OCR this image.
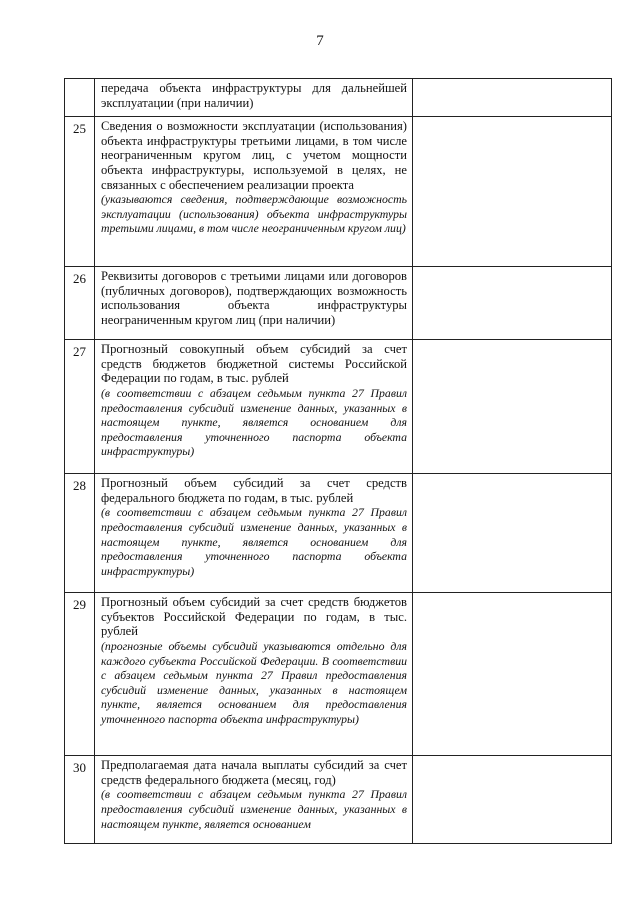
7

	передача объекта инфраструктуры для дальнейшей эксплуатации (при наличии)	

25	Сведения о возможности эксплуатации (использования) объекта инфраструктуры третьими лицами, в том числе неограниченным кругом лиц, с учетом мощности объекта инфраструктуры, используемой в целях, не связанных с обеспечением реализации проекта
(указываются сведения, подтверждающие возможность эксплуатации (использования) объекта инфраструктуры третьими лицами, в том числе неограниченным кругом лиц)	

26	Реквизиты договоров с третьими лицами или договоров (публичных договоров), подтверждающих возможность использования объекта инфраструктуры неограниченным кругом лиц (при наличии)	

27	Прогнозный совокупный объем субсидий за счет средств бюджетов бюджетной системы Российской Федерации по годам, в тыс. рублей
(в соответствии с абзацем седьмым пункта 27 Правил предоставления субсидий изменение данных, указанных в настоящем пункте, является основанием для предоставления уточненного паспорта объекта инфраструктуры)	

28	Прогнозный объем субсидий за счет средств федерального бюджета по годам, в тыс. рублей
(в соответствии с абзацем седьмым пункта 27 Правил предоставления субсидий изменение данных, указанных в настоящем пункте, является основанием для предоставления уточненного паспорта объекта инфраструктуры)	

29	Прогнозный объем субсидий за счет средств бюджетов субъектов Российской Федерации по годам, в тыс. рублей
(прогнозные объемы субсидий указываются отдельно для каждого субъекта Российской Федерации. В соответствии с абзацем седьмым пункта 27 Правил предоставления субсидий изменение данных, указанных в настоящем пункте, является основанием для предоставления уточненного паспорта объекта инфраструктуры)	

30	Предполагаемая дата начала выплаты субсидий за счет средств федерального бюджета (месяц, год)
(в соответствии с абзацем седьмым пункта 27 Правил предоставления субсидий изменение данных, указанных в настоящем пункте, является основанием	
